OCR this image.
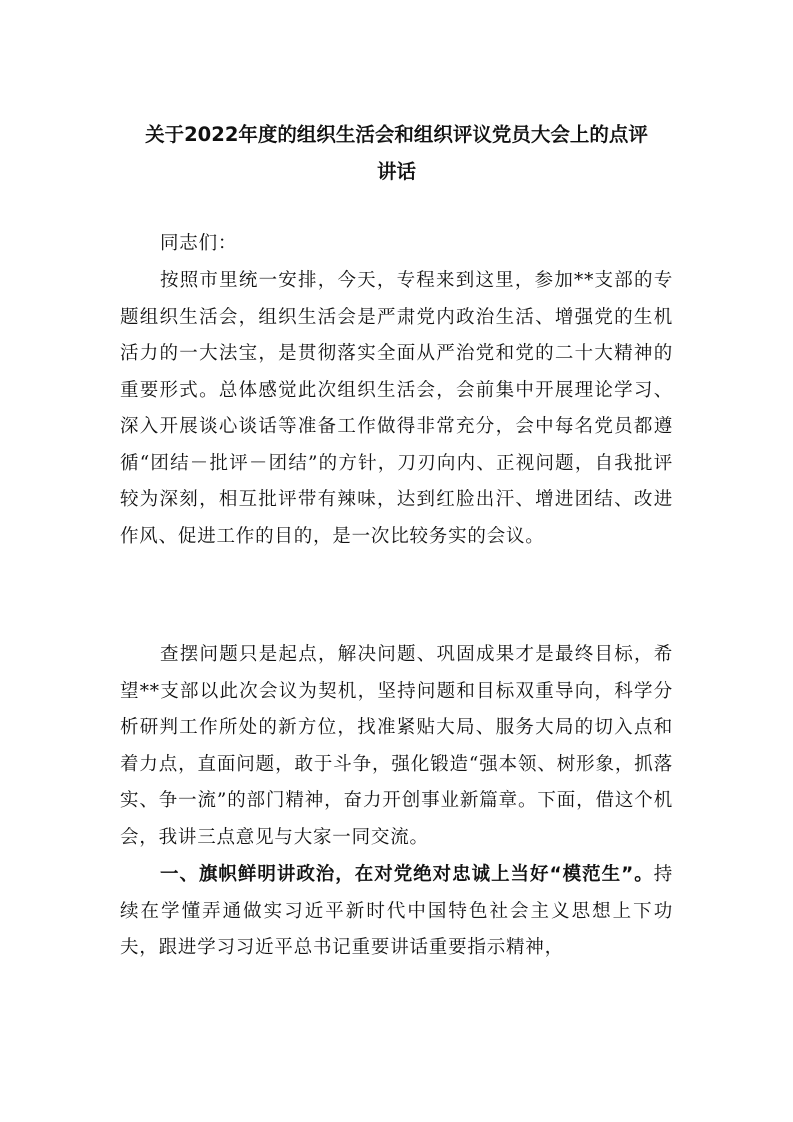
关于2022年度的组织生活会和组织评议党员大会上的点评
讲话

同志们：

按照市里统一安排，今天，专程来到这里，参加**支部的专题组织生活会，组织生活会是严肃党内政治生活、增强党的生机活力的一大法宝，是贯彻落实全面从严治党和党的二十大精神的重要形式。总体感觉此次组织生活会，会前集中开展理论学习、深入开展谈心谈话等准备工作做得非常充分，会中每名党员都遵循“团结－批评－团结”的方针，刀刃向内、正视问题，自我批评较为深刻，相互批评带有辣味，达到红脸出汗、增进团结、改进作风、促进工作的目的，是一次比较务实的会议。

查摆问题只是起点，解决问题、巩固成果才是最终目标，希望**支部以此次会议为契机，坚持问题和目标双重导向，科学分析研判工作所处的新方位，找准紧贴大局、服务大局的切入点和着力点，直面问题，敢于斗争，强化锻造“强本领、树形象，抓落实、争一流”的部门精神，奋力开创事业新篇章。下面，借这个机会，我讲三点意见与大家一同交流。

一、旗帜鲜明讲政治，在对党绝对忠诚上当好“模范生”。持续在学懂弄通做实习近平新时代中国特色社会主义思想上下功夫，跟进学习习近平总书记重要讲话重要指示精神，
